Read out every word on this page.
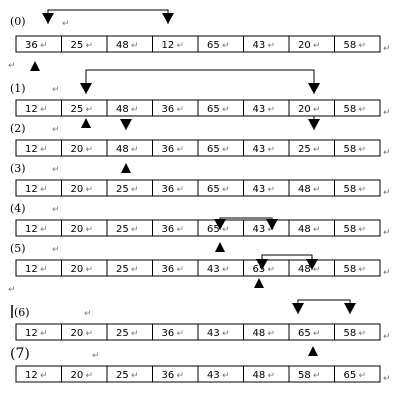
36 ↵ 25 ↵ 48 ↵ 12 ↵ 65 ↵ 43 ↵ 20 ↵ 58 ↵ ↵
12 ↵ 25 ↵ 48 ↵ 36 ↵ 65 ↵ 43 ↵ 20 ↵ 58 ↵ ↵
12 ↵ 20 ↵ 48 ↵ 36 ↵ 65 ↵ 43 ↵ 25 ↵ 58 ↵ ↵
12 ↵ 20 ↵ 25 ↵ 36 ↵ 65 ↵ 43 ↵ 48 ↵ 58 ↵ ↵
12 ↵ 20 ↵ 25 ↵ 36 ↵ 65 ↵ 43 ↵ 48 ↵ 58 ↵ ↵
12 ↵ 20 ↵ 25 ↵ 36 ↵ 43 ↵ 65 ↵ 48 ↵ 58 ↵ ↵
12 ↵ 20 ↵ 25 ↵ 36 ↵ 43 ↵ 48 ↵ 65 ↵ 58 ↵ ↵
12 ↵ 20 ↵ 25 ↵ 36 ↵ 43 ↵ 48 ↵ 58 ↵ 65 ↵ ↵
(0)
(1)
(2)
(3)
(4)
(5)
(6)
(7)
↵
↵
↵
↵
↵
↵
↵
↵
↵
↵
